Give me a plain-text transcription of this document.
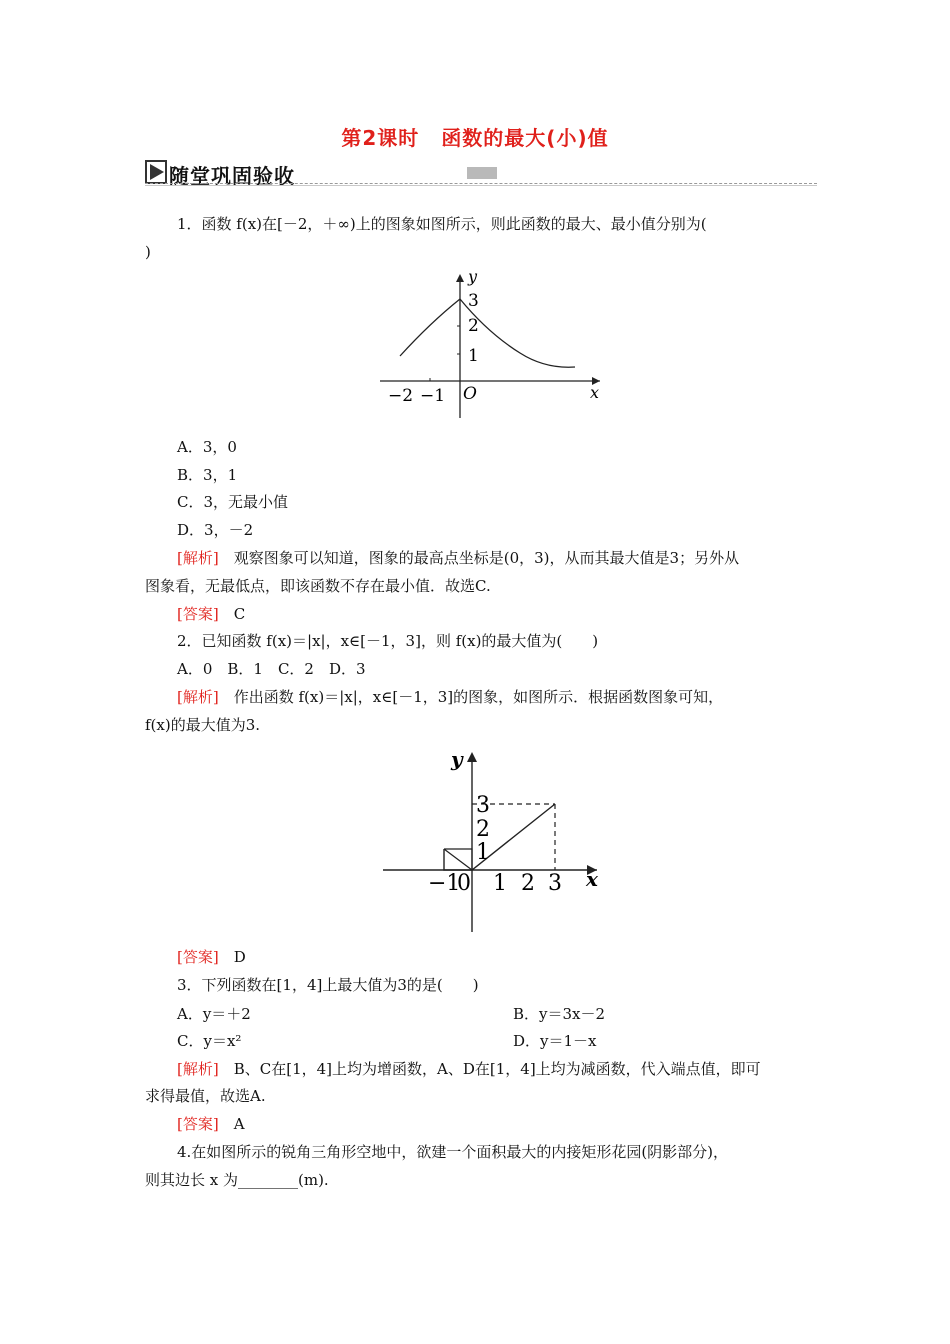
第2课时 函数的最大(小)值
随堂巩固验收
1．函数 f(x)在[－2，＋∞)上的图象如图所示，则此函数的最大、最小值分别为(
)
y
3
2
1
−2 −1 O	x
A．3，0
B．3，1
C．3，无最小值
D．3，－2
[解析]　 观察图象可以知道，图象的最高点坐标是(0，3)，从而其最大值是3；另外从
图象看，无最低点，即该函数不存在最小值．故选C.
[答案]　 C
2．已知函数 f(x)＝|x|，x∈[－1，3]，则 f(x)的最大值为(　　)
A．0　B．1　C．2　D．3
[解析]　 作出函数 f(x)＝|x|，x∈[－1，3]的图象，如图所示．根据函数图象可知，
f(x)的最大值为3.
y
3
2
1
−1
0 1 2 3 x
[答案]　 D
3．下列函数在[1，4]上最大值为3的是(　　)
A．y＝＋2	B．y＝3x－2
C．y＝x²	D．y＝1－x
[解析]　 B、C在[1，4]上均为增函数，A、D在[1，4]上均为减函数，代入端点值，即可
求得最值，故选A.
[答案]　 A
4.在如图所示的锐角三角形空地中，欲建一个面积最大的内接矩形花园(阴影部分)，
则其边长 x 为________(m).
